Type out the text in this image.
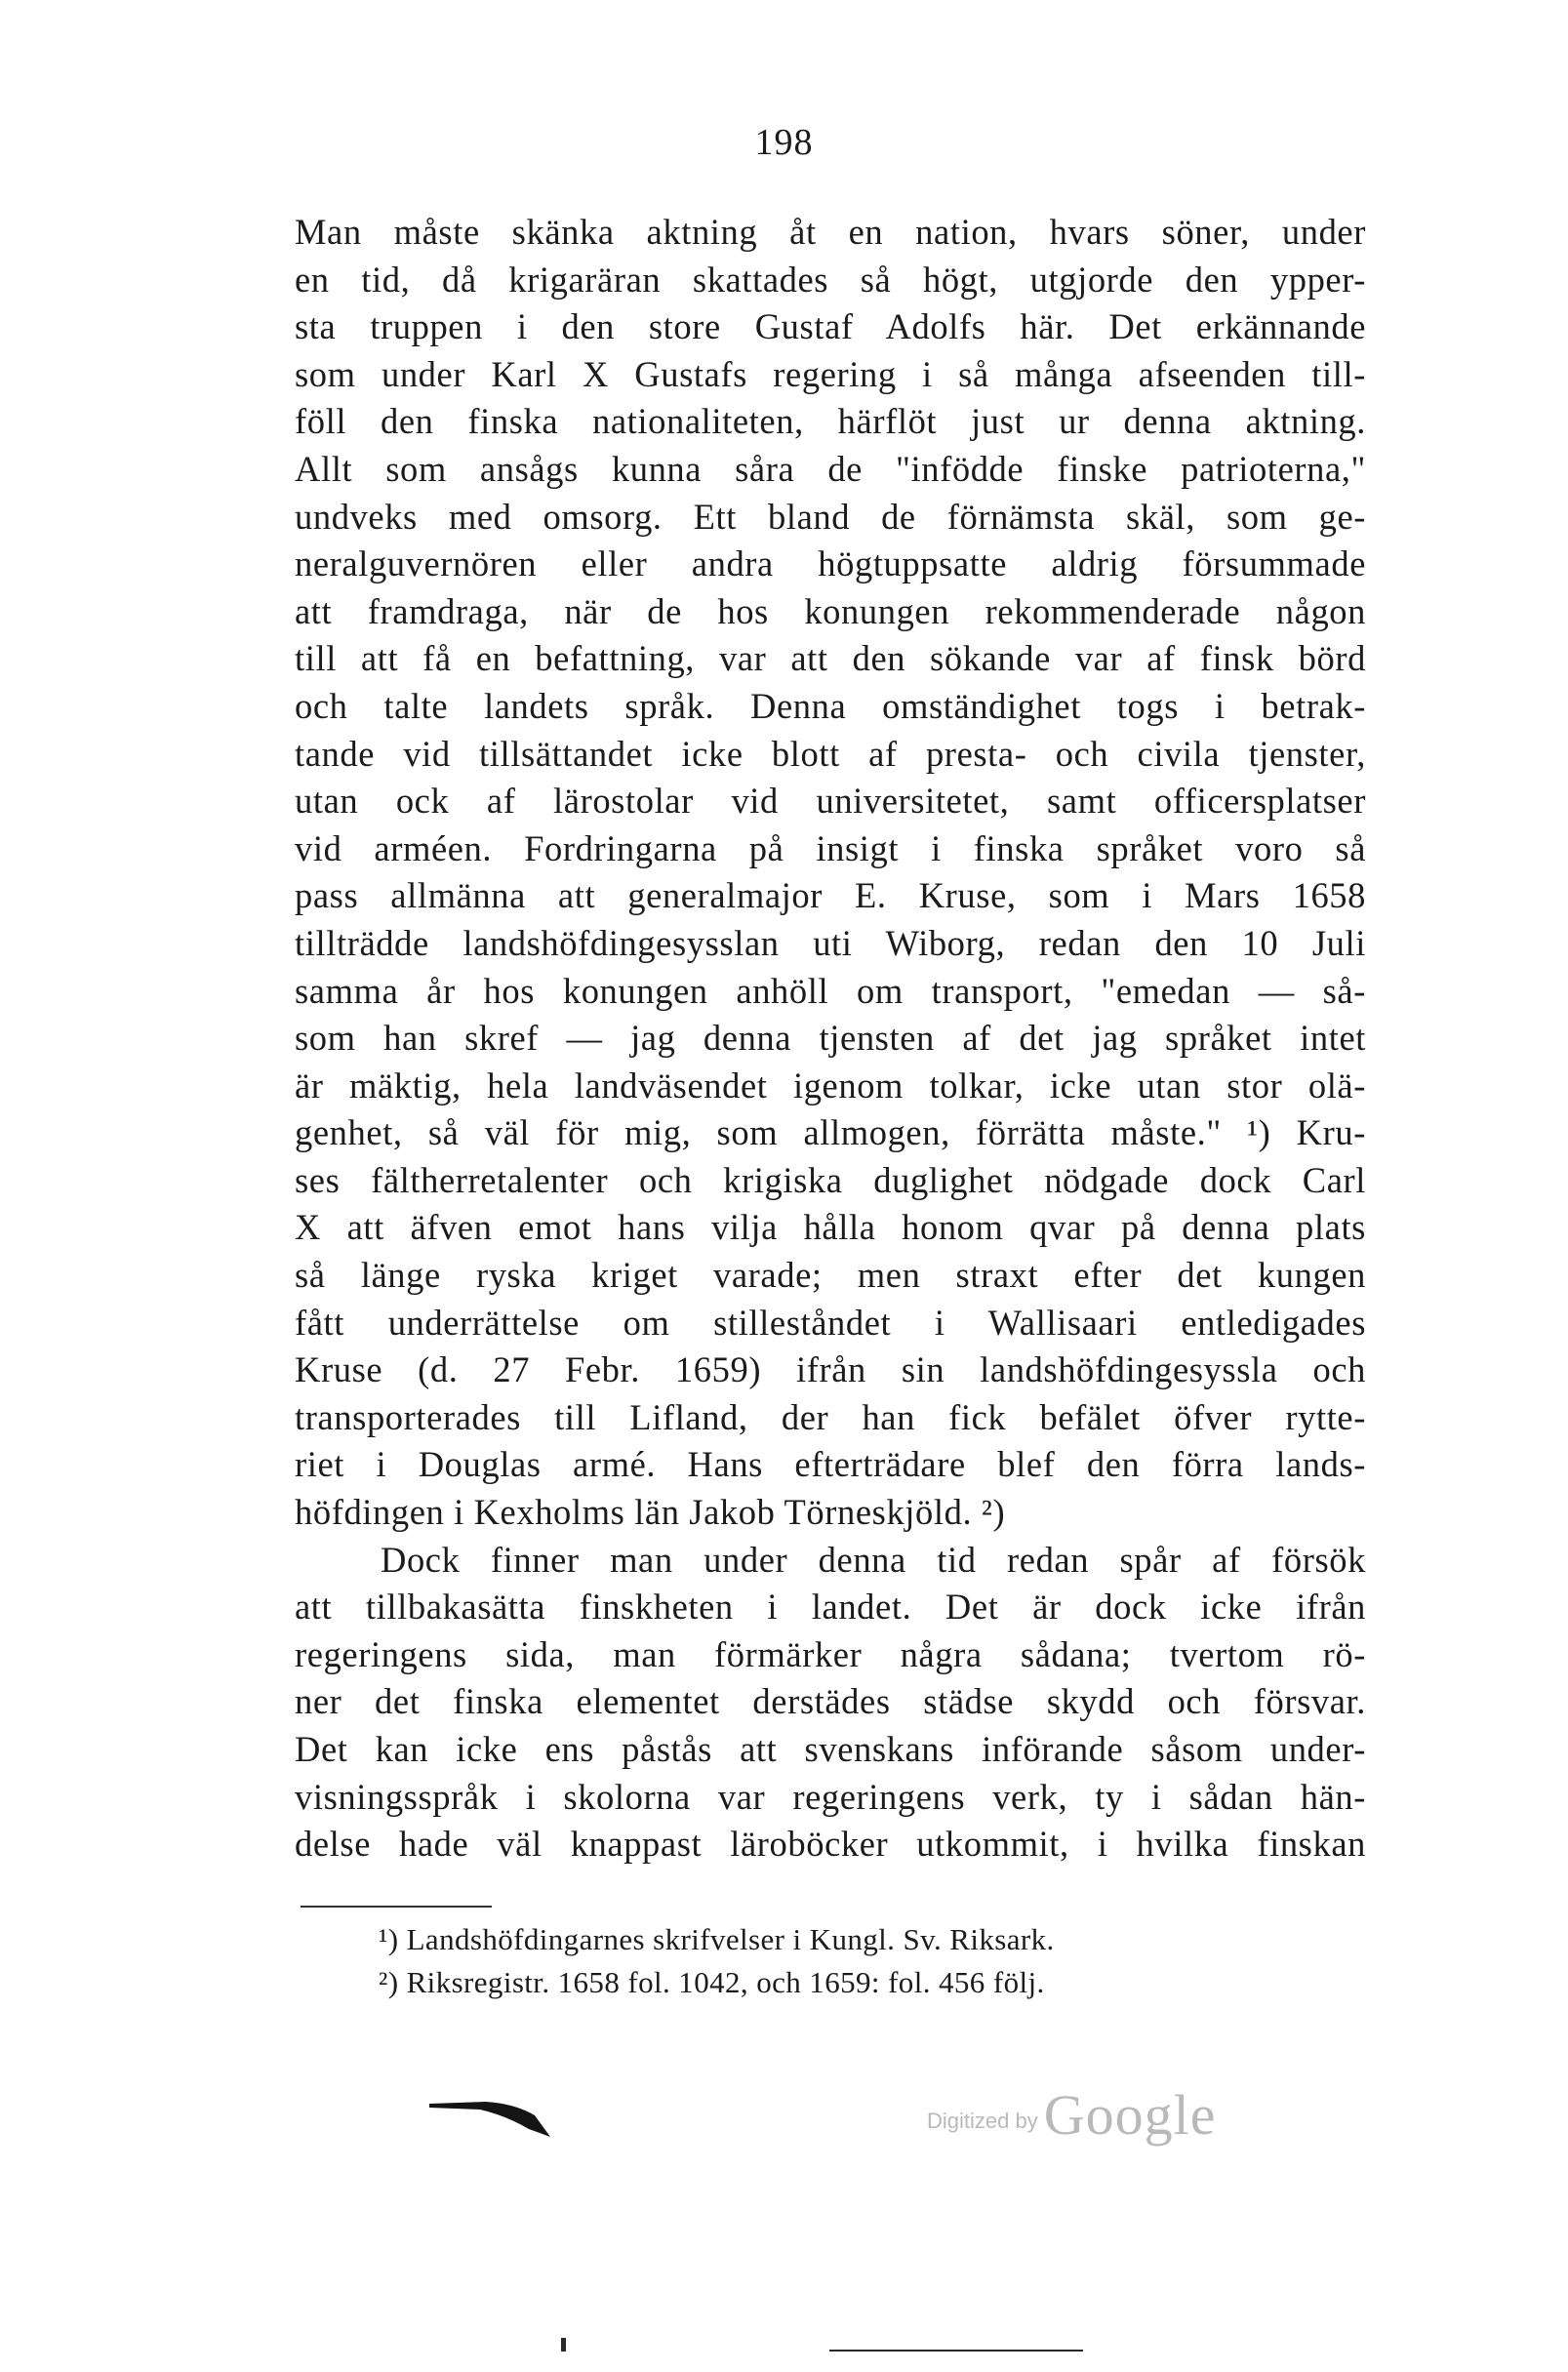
198
Man måste skänka aktning åt en nation, hvars söner, under
en tid, då krigaräran skattades så högt, utgjorde den ypper-
sta truppen i den store Gustaf Adolfs här. Det erkännande
som under Karl X Gustafs regering i så många afseenden till-
föll den finska nationaliteten, härflöt just ur denna aktning.
Allt som ansågs kunna såra de "infödde finske patrioterna,"
undveks med omsorg. Ett bland de förnämsta skäl, som ge-
neralguvernören eller andra högtuppsatte aldrig försummade
att framdraga, när de hos konungen rekommenderade någon
till att få en befattning, var att den sökande var af finsk börd
och talte landets språk. Denna omständighet togs i betrak-
tande vid tillsättandet icke blott af presta- och civila tjenster,
utan ock af lärostolar vid universitetet, samt officersplatser
vid arméen. Fordringarna på insigt i finska språket voro så
pass allmänna att generalmajor E. Kruse, som i Mars 1658
tillträdde landshöfdingesysslan uti Wiborg, redan den 10 Juli
samma år hos konungen anhöll om transport, "emedan — så-
som han skref — jag denna tjensten af det jag språket intet
är mäktig, hela landväsendet igenom tolkar, icke utan stor olä-
genhet, så väl för mig, som allmogen, förrätta måste." ¹) Kru-
ses fältherretalenter och krigiska duglighet nödgade dock Carl
X att äfven emot hans vilja hålla honom qvar på denna plats
så länge ryska kriget varade; men straxt efter det kungen
fått underrättelse om stilleståndet i Wallisaari entledigades
Kruse (d. 27 Febr. 1659) ifrån sin landshöfdingesyssla och
transporterades till Lifland, der han fick befälet öfver rytte-
riet i Douglas armé. Hans efterträdare blef den förra lands-
höfdingen i Kexholms län Jakob Törneskjöld. ²)
Dock finner man under denna tid redan spår af försök
att tillbakasätta finskheten i landet. Det är dock icke ifrån
regeringens sida, man förmärker några sådana; tvertom rö-
ner det finska elementet derstädes städse skydd och försvar.
Det kan icke ens påstås att svenskans införande såsom under-
visningsspråk i skolorna var regeringens verk, ty i sådan hän-
delse hade väl knappast läroböcker utkommit, i hvilka finskan
¹) Landshöfdingarnes skrifvelser i Kungl. Sv. Riksark.
²) Riksregistr. 1658 fol. 1042, och 1659: fol. 456 följ.
Digitized by Google
